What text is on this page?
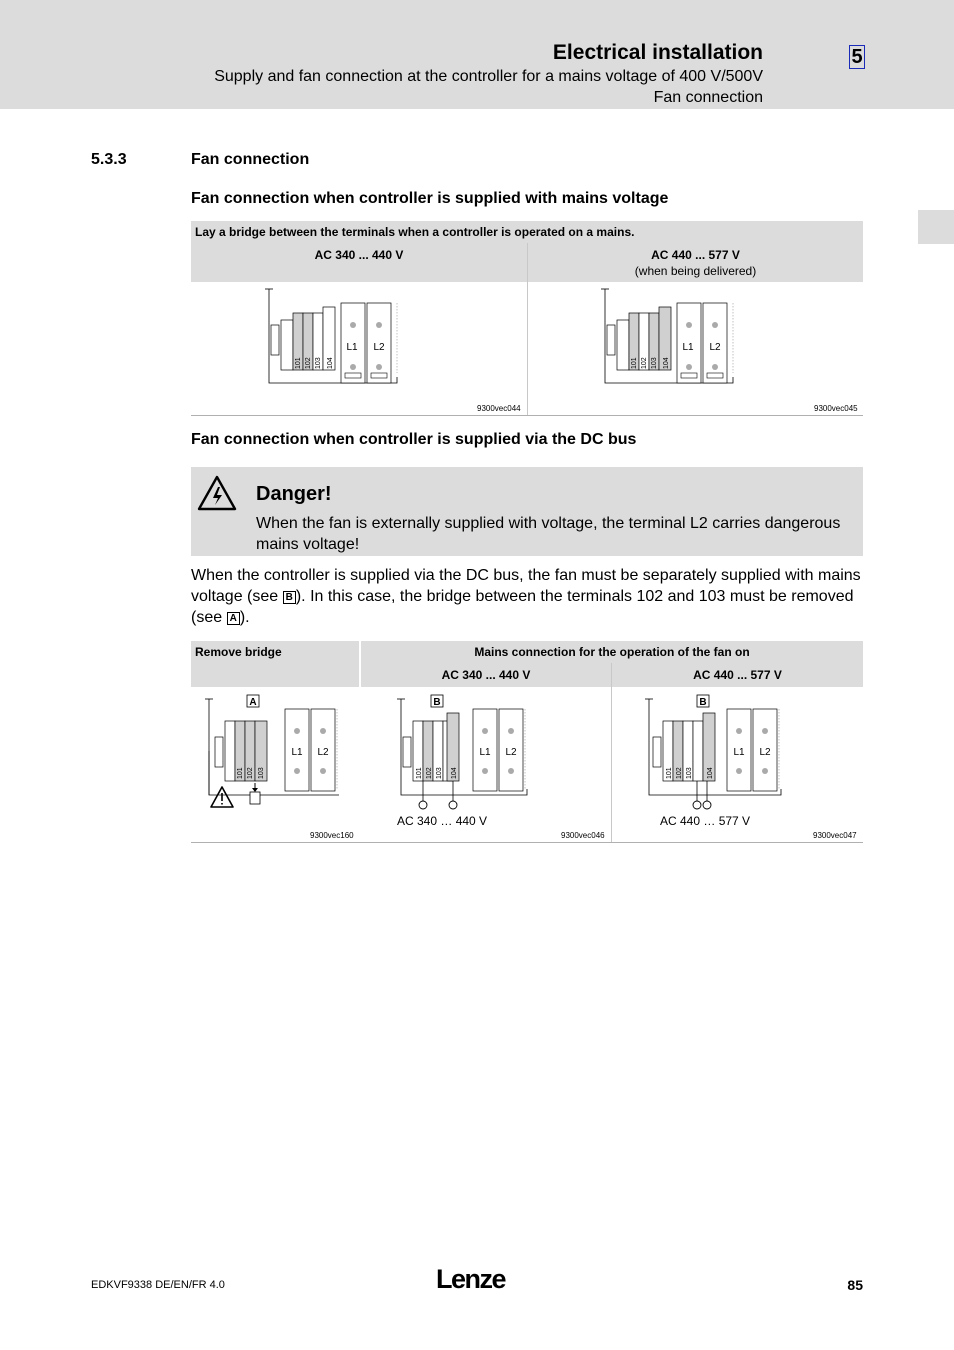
Electrical installation
Supply and fan connection at the controller for a mains voltage of 400 V/500V
Fan connection
5
5.3.3	Fan connection
Fan connection when controller is supplied with mains voltage
Lay a bridge between the terminals when a controller is operated on a mains.
AC 340 ... 440 V	AC 440 ... 577 V
(when being delivered)
L1 L2
101 102 103 104
9300vec044
L1 L2
101 102 103 104
9300vec045
Fan connection when controller is supplied via the DC bus
Danger!
When the fan is externally supplied with voltage, the terminal L2 carries dangerous mains voltage!
When the controller is supplied via the DC bus, the fan must be separately supplied with mains voltage (see B ). In this case, the bridge between the terminals 102 and 103 must be removed (see A ).
Remove bridge	Mains connection for the operation of the fan on
AC 340 ... 440 V	AC 440 ... 577 V
A
L1 L2
101 102 103
9300vec160
B
L1 L2
101 102 103 104
AC 340 … 440 V
9300vec046
B
L1 L2
101 102 103 104
AC 440 … 577 V
9300vec047
EDKVF9338 DE/EN/FR 4.0	Lenze	85
